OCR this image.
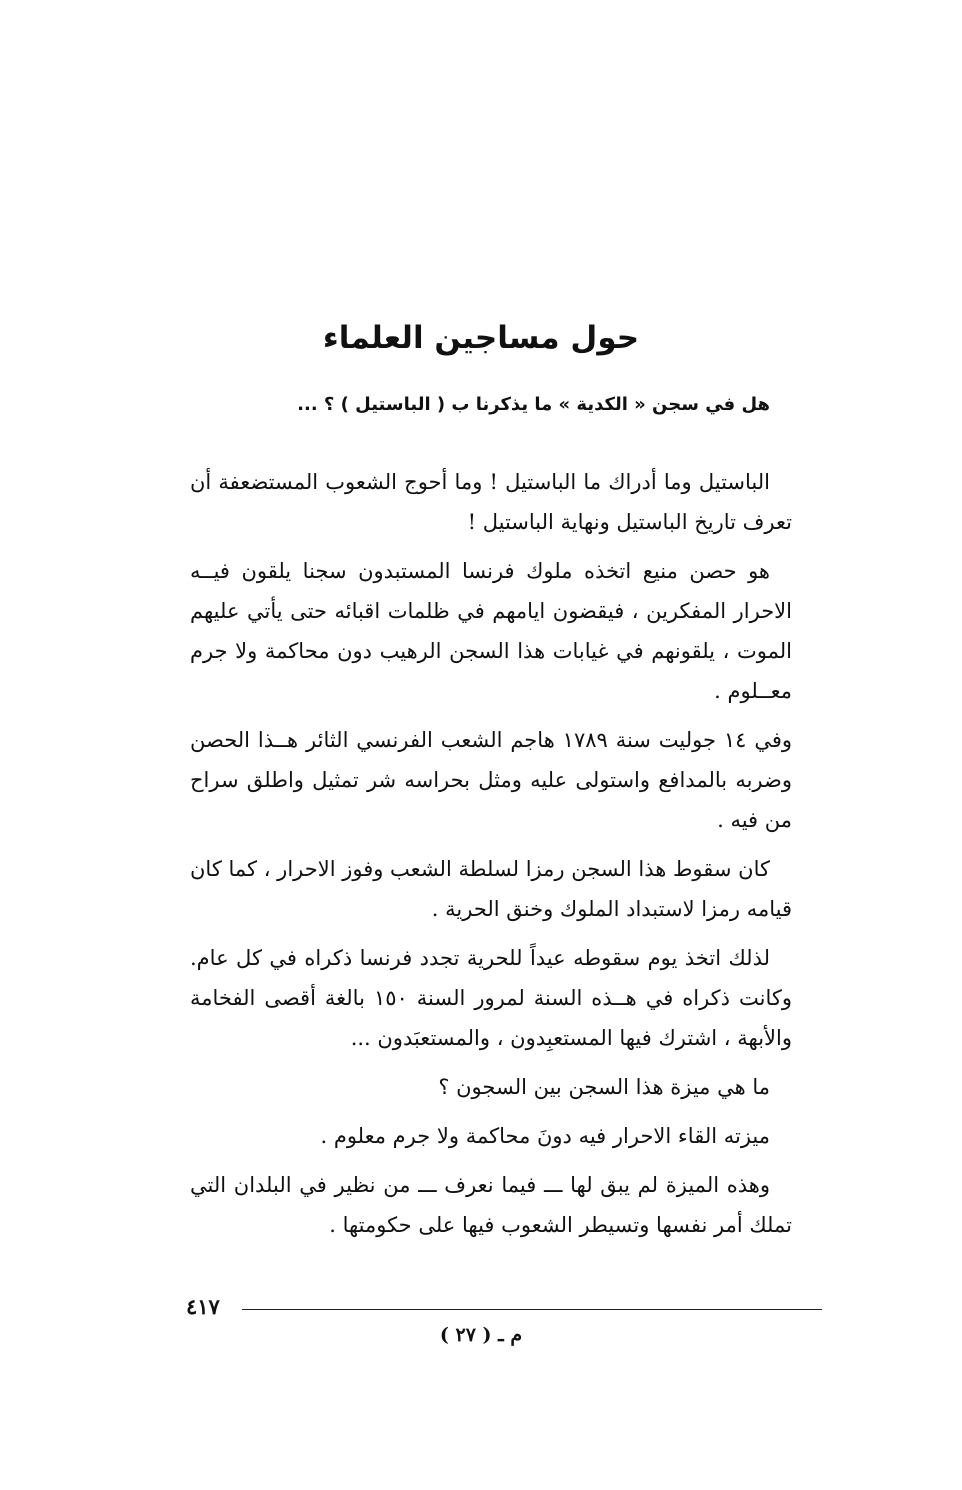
حول مساجين العلماء
هل في سجن « الكدية » ما يذكرنا ب ( الباستيل ) ؟ ...

الباستيل وما أدراك ما الباستيل ! وما أحوج الشعوب المستضعفة أن تعرف تاريخ الباستيل ونهاية الباستيل !

هو حصن منيع اتخذه ملوك فرنسا المستبدون سجنا يلقون فيــه الاحرار المفكرين ، فيقضون ايامهم في ظلمات اقبائه حتى يأتي عليهم الموت ، يلقونهم في غيابات هذا السجن الرهيب دون محاكمة ولا جرم معــلوم .

وفي ١٤ جوليت سنة ١٧٨٩ هاجم الشعب الفرنسي الثائر هــذا الحصن وضربه بالمدافع واستولى عليه ومثل بحراسه شر تمثيل واطلق سراح من فيه .

كان سقوط هذا السجن رمزا لسلطة الشعب وفوز الاحرار ، كما كان قيامه رمزا لاستبداد الملوك وخنق الحرية .

لذلك اتخذ يوم سقوطه عيداً للحرية تجدد فرنسا ذكراه في كل عام. وكانت ذكراه في هــذه السنة لمرور السنة ١٥٠ بالغة أقصى الفخامة والأبهة ، اشترك فيها المستعبِدون ، والمستعبَدون ...

ما هي ميزة هذا السجن بين السجون ؟

ميزته القاء الاحرار فيه دونَ محاكمة ولا جرم معلوم .

وهذه الميزة لم يبق لها ـــ فيما نعرف ـــ من نظير في البلدان التي تملك أمر نفسها وتسيطر الشعوب فيها على حكومتها .

٤١٧
م ـ ( ٢٧ )
